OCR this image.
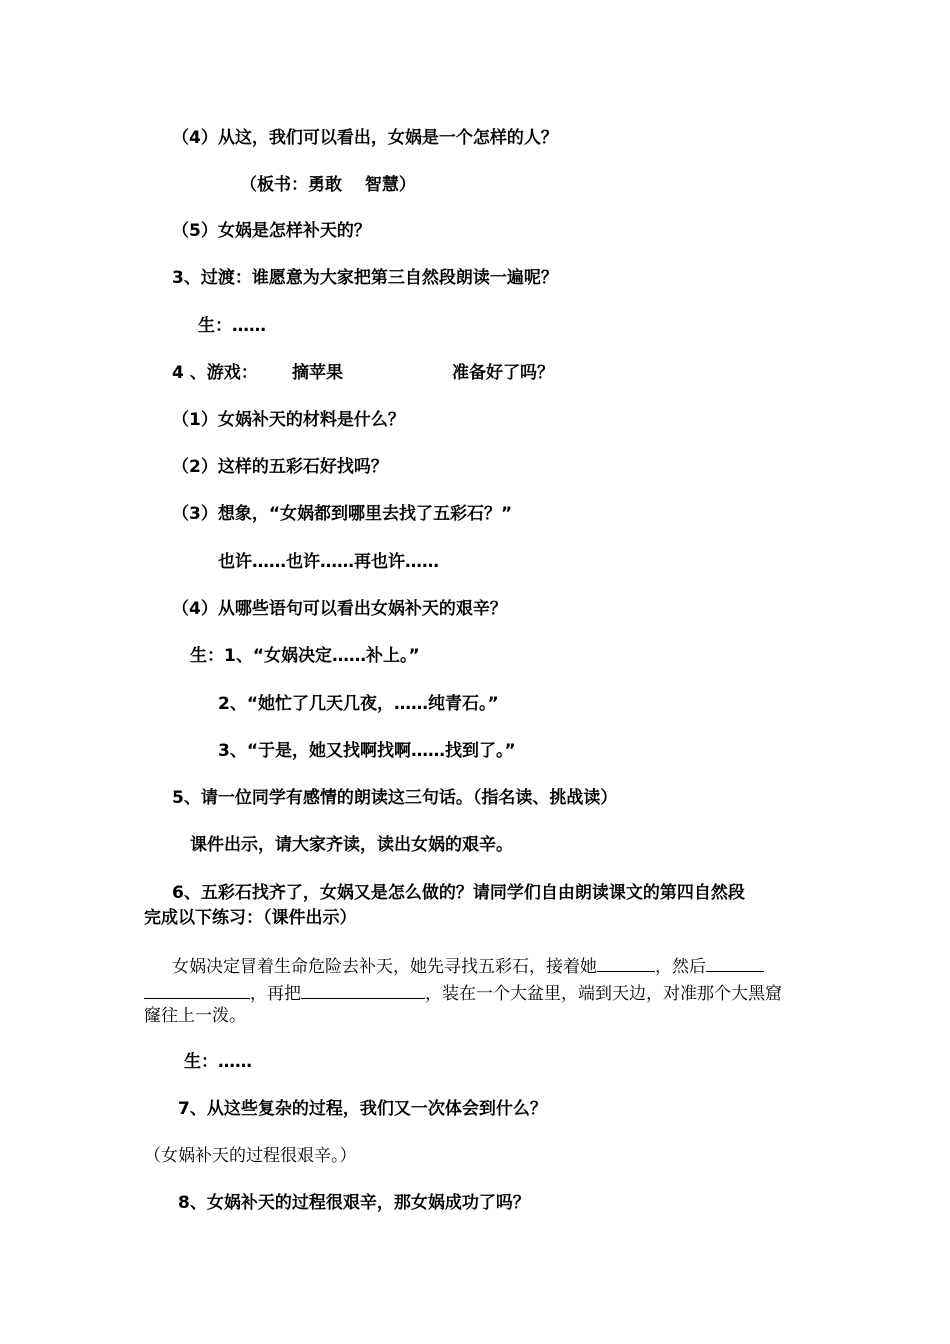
（4）从这，我们可以看出，女娲是一个怎样的人？
（板书：勇敢　 智慧）
（5）女娲是怎样补天的？
3、过渡：谁愿意为大家把第三自然段朗读一遍呢？
生：……
4 、游戏： 摘苹果	准备好了吗？
（1）女娲补天的材料是什么？
（2）这样的五彩石好找吗？
（3）想象，“女娲都到哪里去找了五彩石？”
也许……也许……再也许……
（4）从哪些语句可以看出女娲补天的艰辛？
生：1、“女娲决定……补上。”
2、“她忙了几天几夜，……纯青石。”
3、“于是，她又找啊找啊……找到了。”
5、请一位同学有感情的朗读这三句话。（指名读、挑战读）
课件出示，请大家齐读，读出女娲的艰辛。
6、五彩石找齐了，女娲又是怎么做的？请同学们自由朗读课文的第四自然段
完成以下练习：（课件出示）
女娲决定冒着生命危险去补天，她先寻找五彩石，接着她	，然后
，再把	，装在一个大盆里，端到天边，对准那个大黑窟
窿往上一泼。
生：……
7、从这些复杂的过程，我们又一次体会到什么？
（女娲补天的过程很艰辛。）
8、女娲补天的过程很艰辛，那女娲成功了吗？
